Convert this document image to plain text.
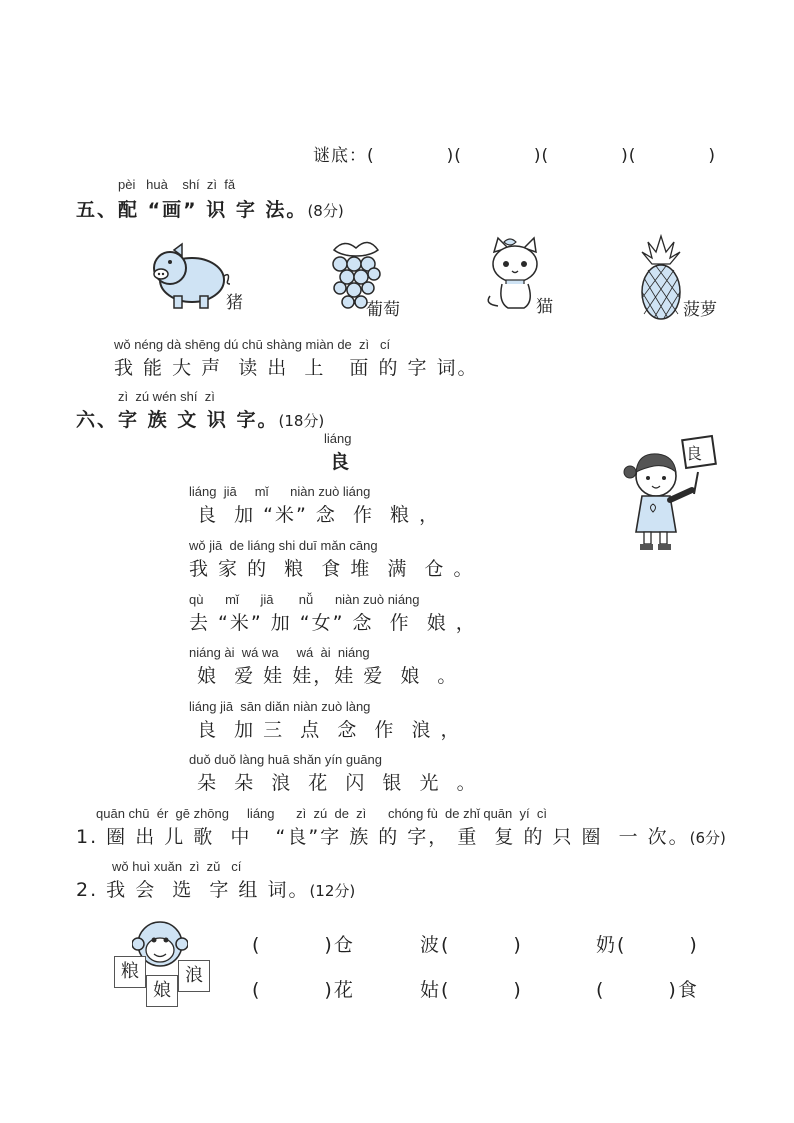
谜底：(　　　　)(　　　　)(　　　　)(　　　　)
pèi   huà    shí  zì  fǎ
五、配 “画” 识 字 法。(8分)
猪	葡萄	猫	菠萝
wǒ néng dà shēng dú chū shàng miàn de  zì   cí
我 能 大 声  读 出  上   面 的 字 词。
zì  zú wén shí  zì
六、字 族 文 识 字。(18分)
liáng
良	良
liáng  jiā     mǐ      niàn zuò liáng
良  加 “米” 念  作  粮 ，
wǒ jiā  de liáng shi duī mǎn cāng
我 家 的  粮  食 堆  满  仓 。
qù      mǐ      jiā       nǚ      niàn zuò niáng
去 “米” 加 “女” 念  作  娘 ，
niáng ài  wá wa     wá  ài  niáng
娘  爱 娃 娃，娃 爱  娘  。
liáng jiā  sān diǎn niàn zuò làng
良  加 三  点  念  作  浪 ，
duǒ duǒ làng huā shǎn yín guāng
朵  朵  浪  花  闪  银  光  。
quān chū  ér  gē zhōng     liáng      zì  zú  de  zì      chóng fù  de zhǐ quān  yí  cì
1. 圈 出 儿 歌  中   “良”字 族 的 字， 重  复 的 只 圈  一 次。(6分)
wǒ huì xuǎn  zì  zǔ   cí
2. 我 会  选  字 组 词。(12分)
粮
娘
浪
(　　　)仓	波(　　　)	奶(　　　)
(　　　)花	姑(　　　)	(　　　)食
